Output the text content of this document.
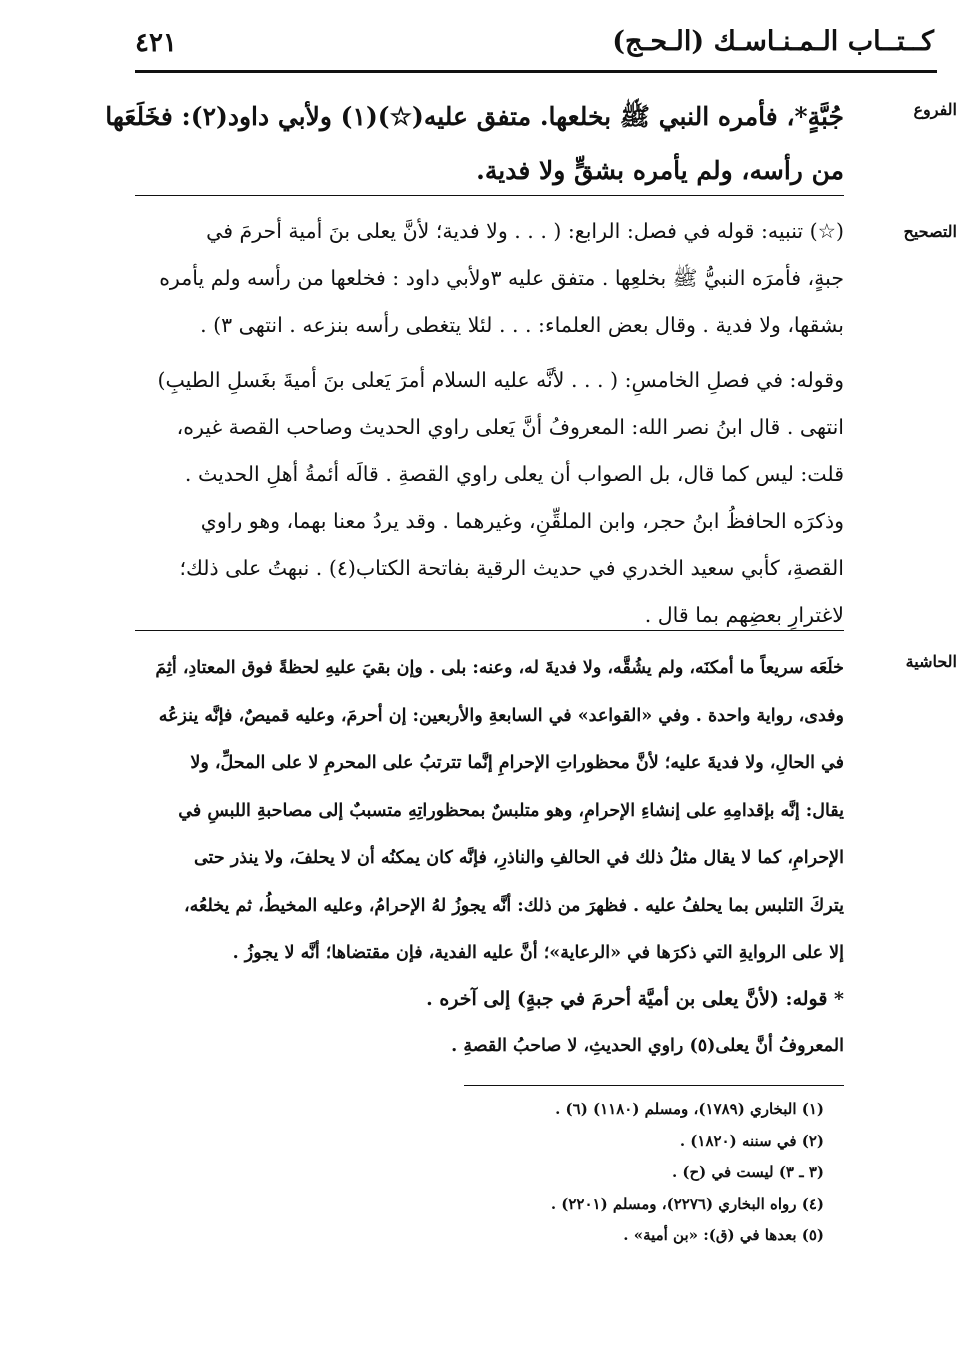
كــتــاب الـمـنـاسـك (الـحـج)
٤٢١
الفروع
جُبَّةٍ*، فأمره النبي ﷺ بخلعها. متفق عليه(☆)(١) ولأبي داود(٢): فخَلَعَها
من رأسه، ولم يأمره بشقٍّ ولا فدية.
التصحيح
(☆) تنبيه: قوله في فصل: الرابع: ( . . . ولا فدية؛ لأنَّ يعلى بنَ أمية أحرمَ في
جبةٍ، فأمرَه النبيُّ ﷺ بخلعِها . متفق عليه ٣ولأبي داود : فخلعها من رأسه ولم يأمره
بشقها، ولا فدية . وقال بعض العلماء: . . . لئلا يتغطى رأسه بنزعه . انتهى ٣) .
وقوله: في فصلِ الخامسِ: ( . . . لأنَّه عليه السلام أمرَ يَعلى بنَ أميةَ بغَسلِ الطيبِ)
انتهى . قال ابنُ نصر الله: المعروفُ أنَّ يَعلى راوي الحديث وصاحب القصة غيره،
قلت: ليس كما قال، بل الصواب أن يعلى راوي القصةِ . قالَه أئمةُ أهلِ الحديث .
وذكرَه الحافظُ ابنُ حجر، وابن الملقِّنِ، وغيرهما . وقد يردُ معنا بهما، وهو راوي
القصةِ، كأبي سعيد الخدري في حديث الرقية بفاتحة الكتاب(٤) . نبهتُ على ذلك؛
لاغترارِ بعضِهم بما قال .
الحاشية
خلَعَه سريعاً ما أمكنَه، ولم يشُقَّه، ولا فديةَ له، وعنه: بلى . وإن بقيَ عليهِ لحظةً فوق المعتادِ، أثِمَ
وفدى، رواية واحدة . وفي «القواعد» في السابعةِ والأربعين: إن أحرمَ، وعليه قميصٌ، فإنَّه ينزعُه
في الحالِ، ولا فديةَ عليه؛ لأنَّ محظوراتِ الإحرامِ إنَّما تترتبُ على المحرمِ لا على المحلِّ، ولا
يقال: إنَّه بإقدامِهِ على إنشاءِ الإحرامِ، وهو متلبسٌ بمحظوراتِهِ متسببٌ إلى مصاحبةِ اللبسِ في
الإحرامِ، كما لا يقال مثلُ ذلك في الحالفِ والناذرِ، فإنَّه كان يمكنُه أن لا يحلفَ، ولا ينذر حتى
يتركَ التلبس بما يحلفُ عليه . فظهرَ من ذلك: أنَّه يجوزُ لهُ الإحرامُ، وعليه المخيطُ، ثم يخلعُه،
إلا على الروايةِ التي ذكرَها في «الرعاية»؛ أنَّ عليه الفدية، فإن مقتضاها؛ أنَّه لا يجوزُ .
* قوله: (لأنَّ يعلى بن أميَّة أحرمَ في جبةٍ) إلى آخره .
المعروفُ أنَّ يعلى(٥) راوي الحديثِ، لا صاحبُ القصةِ .
(١) البخاري (١٧٨٩)، ومسلم (١١٨٠) (٦) .
(٢) في سننه (١٨٢٠) .
(٣ ـ ٣) ليست في (ح) .
(٤) رواه البخاري (٢٢٧٦)، ومسلم (٢٢٠١) .
(٥) بعدها في (ق): «بن أمية» .
